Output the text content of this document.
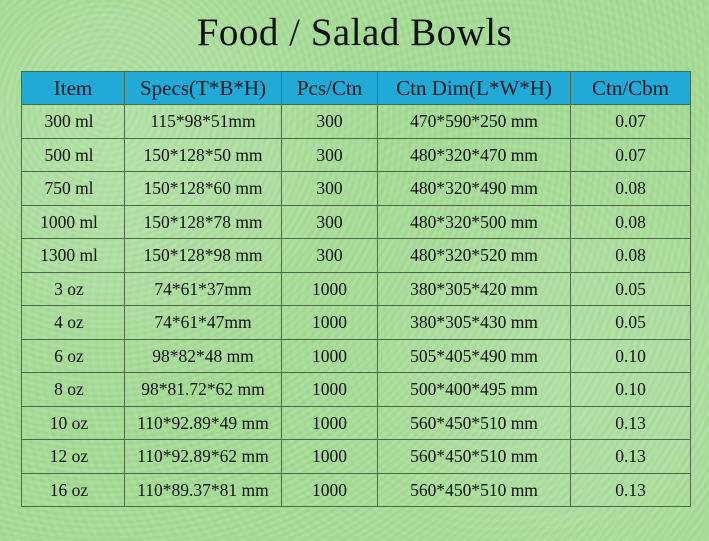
Food / Salad Bowls
Item	Specs(T*B*H)	Pcs/Ctn	Ctn Dim(L*W*H)	Ctn/Cbm
300 ml	115*98*51mm	300	470*590*250 mm	0.07
500 ml	150*128*50 mm	300	480*320*470 mm	0.07
750 ml	150*128*60 mm	300	480*320*490 mm	0.08
1000 ml	150*128*78 mm	300	480*320*500 mm	0.08
1300 ml	150*128*98 mm	300	480*320*520 mm	0.08
3 oz	74*61*37mm	1000	380*305*420 mm	0.05
4 oz	74*61*47mm	1000	380*305*430 mm	0.05
6 oz	98*82*48 mm	1000	505*405*490 mm	0.10
8 oz	98*81.72*62 mm	1000	500*400*495 mm	0.10
10 oz	110*92.89*49 mm	1000	560*450*510 mm	0.13
12 oz	110*92.89*62 mm	1000	560*450*510 mm	0.13
16 oz	110*89.37*81 mm	1000	560*450*510 mm	0.13
